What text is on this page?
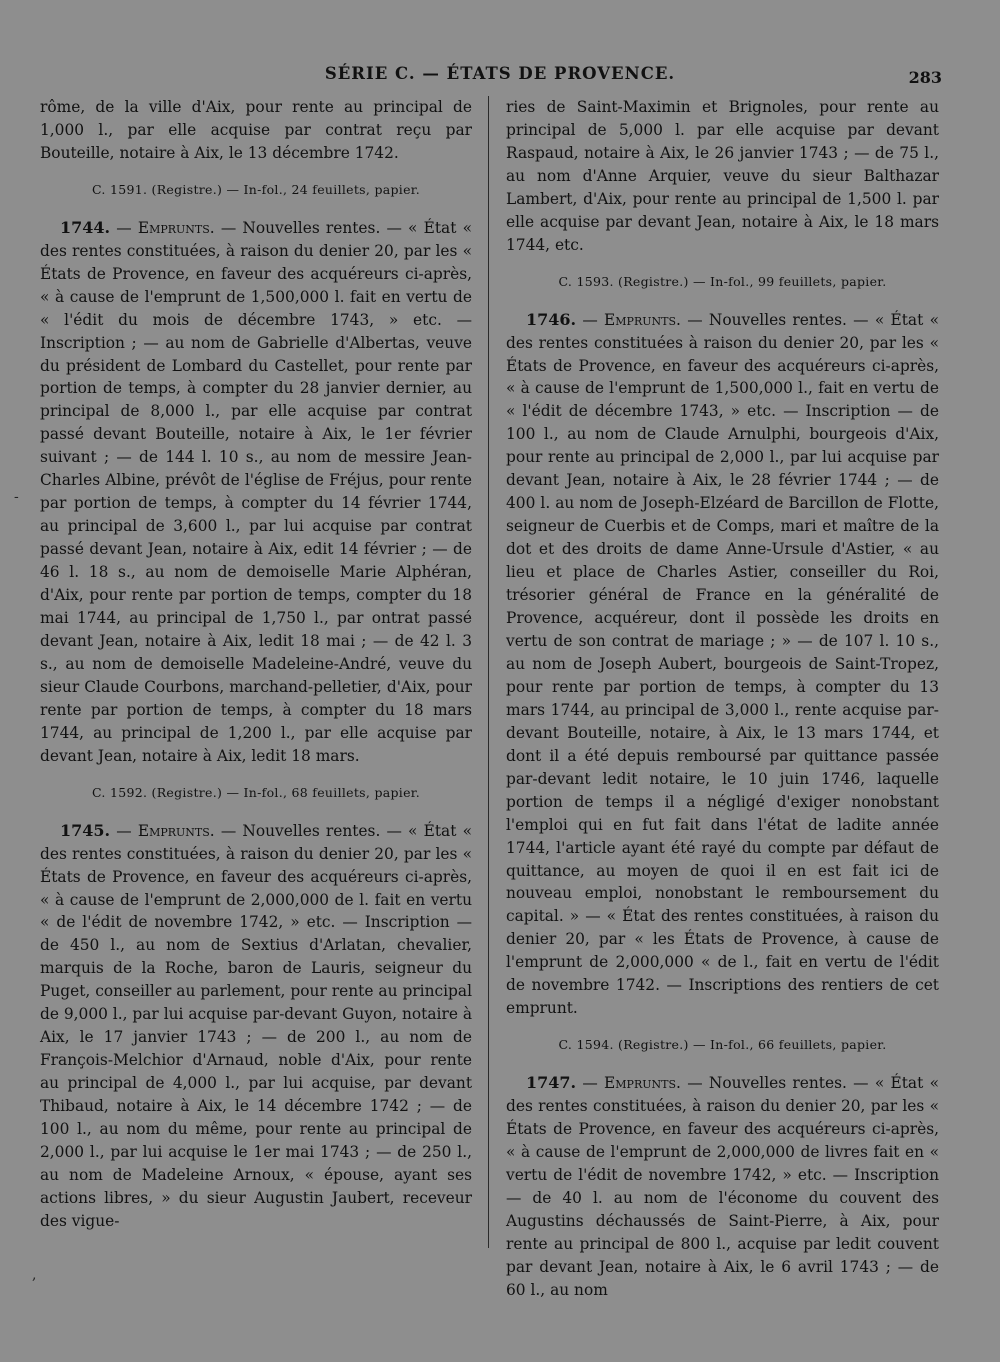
SÉRIE C. — ÉTATS DE PROVENCE.	283

rôme, de la ville d'Aix, pour rente au principal de 1,000 l., par elle acquise par contrat reçu par Bouteille, notaire à Aix, le 13 décembre 1742.

C. 1591. (Registre.) — In-fol., 24 feuillets, papier.

1744. — Emprunts. — Nouvelles rentes. — « État « des rentes constituées, à raison du denier 20, par les « États de Provence, en faveur des acquéreurs ci-après, « à cause de l'emprunt de 1,500,000 l. fait en vertu de « l'édit du mois de décembre 1743, » etc. — Inscription ; — au nom de Gabrielle d'Albertas, veuve du président de Lombard du Castellet, pour rente par portion de temps, à compter du 28 janvier dernier, au principal de 8,000 l., par elle acquise par contrat passé devant Bouteille, notaire à Aix, le 1er février suivant ; — de 144 l. 10 s., au nom de messire Jean-Charles Albine, prévôt de l'église de Fréjus, pour rente par portion de temps, à compter du 14 février 1744, au principal de 3,600 l., par lui acquise par contrat passé devant Jean, notaire à Aix, edit 14 février ; — de 46 l. 18 s., au nom de demoiselle Marie Alphéran, d'Aix, pour rente par portion de temps, compter du 18 mai 1744, au principal de 1,750 l., par ontrat passé devant Jean, notaire à Aix, ledit 18 mai ; — de 42 l. 3 s., au nom de demoiselle Madeleine-André, veuve du sieur Claude Courbons, marchand-pelletier, d'Aix, pour rente par portion de temps, à compter du 18 mars 1744, au principal de 1,200 l., par elle acquise par devant Jean, notaire à Aix, ledit 18 mars.

C. 1592. (Registre.) — In-fol., 68 feuillets, papier.

1745. — Emprunts. — Nouvelles rentes. — « État « des rentes constituées, à raison du denier 20, par les « États de Provence, en faveur des acquéreurs ci-après, « à cause de l'emprunt de 2,000,000 de l. fait en vertu « de l'édit de novembre 1742, » etc. — Inscription — de 450 l., au nom de Sextius d'Arlatan, chevalier, marquis de la Roche, baron de Lauris, seigneur du Puget, conseiller au parlement, pour rente au principal de 9,000 l., par lui acquise par-devant Guyon, notaire à Aix, le 17 janvier 1743 ; — de 200 l., au nom de François-Melchior d'Arnaud, noble d'Aix, pour rente au principal de 4,000 l., par lui acquise, par devant Thibaud, notaire à Aix, le 14 décembre 1742 ; — de 100 l., au nom du même, pour rente au principal de 2,000 l., par lui acquise le 1er mai 1743 ; — de 250 l., au nom de Madeleine Arnoux, « épouse, ayant ses actions libres, » du sieur Augustin Jaubert, receveur des vigue-

ries de Saint-Maximin et Brignoles, pour rente au principal de 5,000 l. par elle acquise par devant Raspaud, notaire à Aix, le 26 janvier 1743 ; — de 75 l., au nom d'Anne Arquier, veuve du sieur Balthazar Lambert, d'Aix, pour rente au principal de 1,500 l. par elle acquise par devant Jean, notaire à Aix, le 18 mars 1744, etc.

C. 1593. (Registre.) — In-fol., 99 feuillets, papier.

1746. — Emprunts. — Nouvelles rentes. — « État « des rentes constituées à raison du denier 20, par les « États de Provence, en faveur des acquéreurs ci-après, « à cause de l'emprunt de 1,500,000 l., fait en vertu de « l'édit de décembre 1743, » etc. — Inscription — de 100 l., au nom de Claude Arnulphi, bourgeois d'Aix, pour rente au principal de 2,000 l., par lui acquise par devant Jean, notaire à Aix, le 28 février 1744 ; — de 400 l. au nom de Joseph-Elzéard de Barcillon de Flotte, seigneur de Cuerbis et de Comps, mari et maître de la dot et des droits de dame Anne-Ursule d'Astier, « au lieu et place de Charles Astier, conseiller du Roi, trésorier général de France en la généralité de Provence, acquéreur, dont il possède les droits en vertu de son contrat de mariage ; » — de 107 l. 10 s., au nom de Joseph Aubert, bourgeois de Saint-Tropez, pour rente par portion de temps, à compter du 13 mars 1744, au principal de 3,000 l., rente acquise par-devant Bouteille, notaire, à Aix, le 13 mars 1744, et dont il a été depuis remboursé par quittance passée par-devant ledit notaire, le 10 juin 1746, laquelle portion de temps il a négligé d'exiger nonobstant l'emploi qui en fut fait dans l'état de ladite année 1744, l'article ayant été rayé du compte par défaut de quittance, au moyen de quoi il en est fait ici de nouveau emploi, nonobstant le remboursement du capital. » — « État des rentes constituées, à raison du denier 20, par « les États de Provence, à cause de l'emprunt de 2,000,000 « de l., fait en vertu de l'édit de novembre 1742. — Inscriptions des rentiers de cet emprunt.

C. 1594. (Registre.) — In-fol., 66 feuillets, papier.

1747. — Emprunts. — Nouvelles rentes. — « État « des rentes constituées, à raison du denier 20, par les « États de Provence, en faveur des acquéreurs ci-après, « à cause de l'emprunt de 2,000,000 de livres fait en « vertu de l'édit de novembre 1742, » etc. — Inscription — de 40 l. au nom de l'économe du couvent des Augustins déchaussés de Saint-Pierre, à Aix, pour rente au principal de 800 l., acquise par ledit couvent par devant Jean, notaire à Aix, le 6 avril 1743 ; — de 60 l., au nom

-
,
